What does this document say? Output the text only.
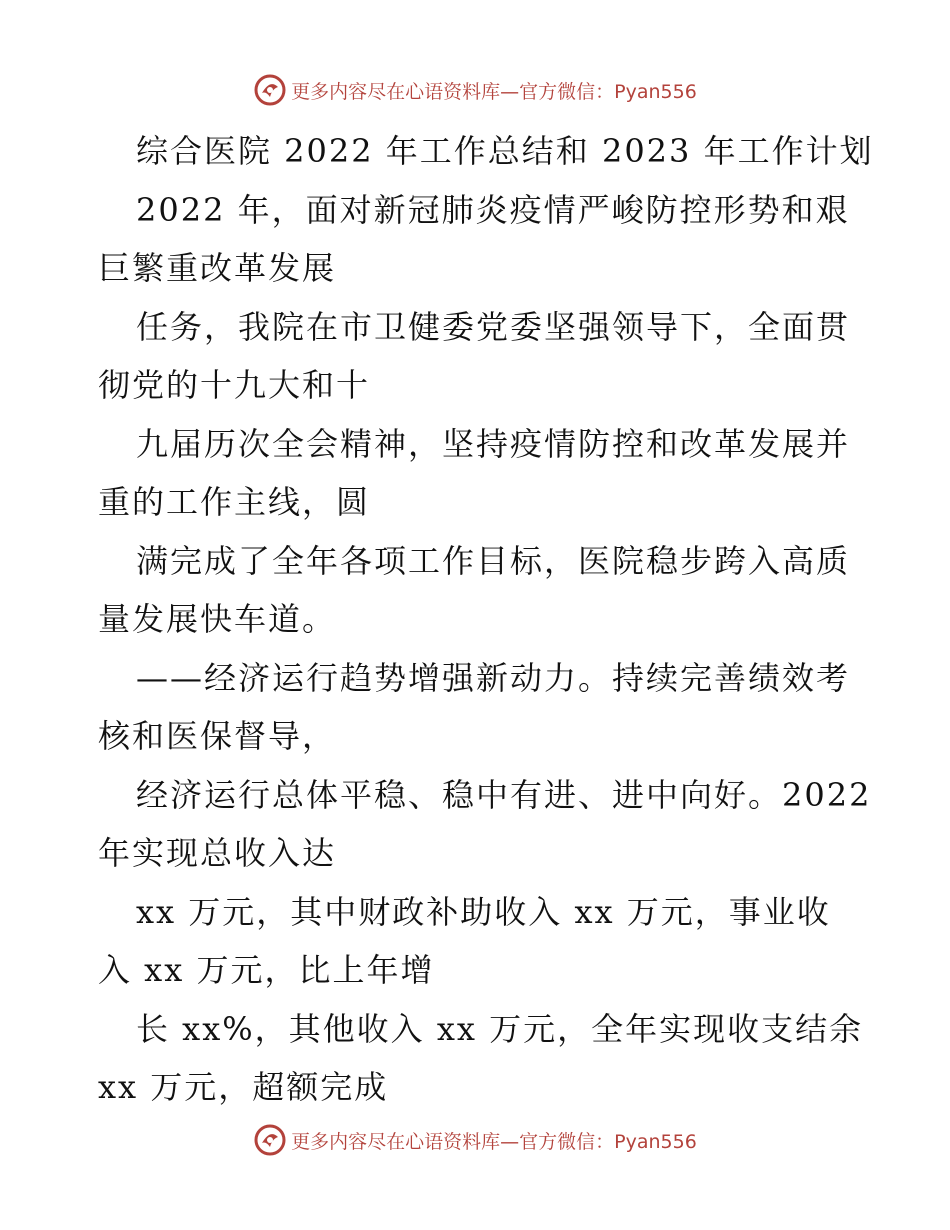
更多内容尽在心语资料库—官方微信：Pyan556
综合医院 2022 年工作总结和 2023 年工作计划
2022 年，面对新冠肺炎疫情严峻防控形势和艰
巨繁重改革发展
任务，我院在市卫健委党委坚强领导下，全面贯
彻党的十九大和十
九届历次全会精神，坚持疫情防控和改革发展并
重的工作主线，圆
满完成了全年各项工作目标，医院稳步跨入高质
量发展快车道。
——经济运行趋势增强新动力。持续完善绩效考
核和医保督导，
经济运行总体平稳、稳中有进、进中向好。2022
年实现总收入达
xx 万元，其中财政补助收入 xx 万元，事业收
入 xx 万元，比上年增
长 xx%，其他收入 xx 万元，全年实现收支结余
xx 万元，超额完成
更多内容尽在心语资料库—官方微信：Pyan556
